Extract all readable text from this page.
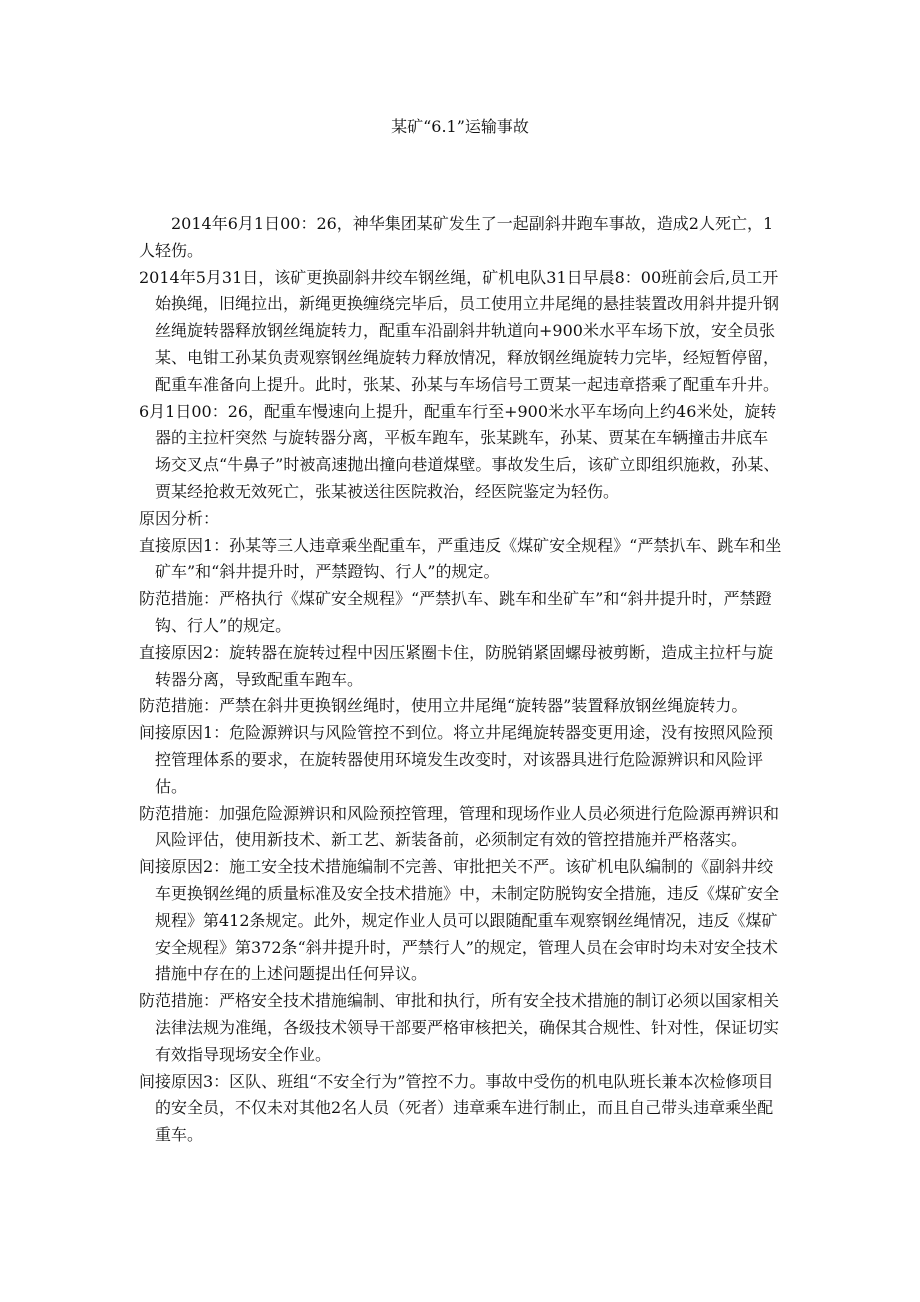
某矿“6.1”运输事故

2014年6月1日00：26，神华集团某矿发生了一起副斜井跑车事故，造成2人死亡，1人轻伤。

2014年5月31日，该矿更换副斜井绞车钢丝绳，矿机电队31日早晨8：00班前会后,员工开始换绳，旧绳拉出，新绳更换缠绕完毕后，员工使用立井尾绳的悬挂装置改用斜井提升钢丝绳旋转器释放钢丝绳旋转力，配重车沿副斜井轨道向+900米水平车场下放，安全员张某、电钳工孙某负责观察钢丝绳旋转力释放情况，释放钢丝绳旋转力完毕，经短暂停留，配重车准备向上提升。此时，张某、孙某与车场信号工贾某一起违章搭乘了配重车升井。

6月1日00：26，配重车慢速向上提升，配重车行至+900米水平车场向上约46米处，旋转器的主拉杆突然 与旋转器分离，平板车跑车，张某跳车，孙某、贾某在车辆撞击井底车场交叉点“牛鼻子”时被高速抛出撞向巷道煤壁。事故发生后，该矿立即组织施救，孙某、贾某经抢救无效死亡，张某被送往医院救治，经医院鉴定为轻伤。

原因分析：

直接原因1：孙某等三人违章乘坐配重车，严重违反《煤矿安全规程》“严禁扒车、跳车和坐矿车”和“斜井提升时，严禁蹬钩、行人”的规定。

防范措施：严格执行《煤矿安全规程》“严禁扒车、跳车和坐矿车”和“斜井提升时，严禁蹬钩、行人”的规定。

直接原因2：旋转器在旋转过程中因压紧圈卡住，防脱销紧固螺母被剪断，造成主拉杆与旋转器分离，导致配重车跑车。

防范措施：严禁在斜井更换钢丝绳时，使用立井尾绳“旋转器”装置释放钢丝绳旋转力。

间接原因1：危险源辨识与风险管控不到位。将立井尾绳旋转器变更用途，没有按照风险预控管理体系的要求，在旋转器使用环境发生改变时，对该器具进行危险源辨识和风险评估。

防范措施：加强危险源辨识和风险预控管理，管理和现场作业人员必须进行危险源再辨识和风险评估，使用新技术、新工艺、新装备前，必须制定有效的管控措施并严格落实。

间接原因2：施工安全技术措施编制不完善、审批把关不严。该矿机电队编制的《副斜井绞车更换钢丝绳的质量标准及安全技术措施》中，未制定防脱钩安全措施，违反《煤矿安全规程》第412条规定。此外，规定作业人员可以跟随配重车观察钢丝绳情况，违反《煤矿安全规程》第372条“斜井提升时，严禁行人”的规定，管理人员在会审时均未对安全技术措施中存在的上述问题提出任何异议。

防范措施：严格安全技术措施编制、审批和执行，所有安全技术措施的制订必须以国家相关法律法规为准绳，各级技术领导干部要严格审核把关，确保其合规性、针对性，保证切实有效指导现场安全作业。

间接原因3：区队、班组“不安全行为”管控不力。事故中受伤的机电队班长兼本次检修项目的安全员，不仅未对其他2名人员（死者）违章乘车进行制止，而且自己带头违章乘坐配重车。
